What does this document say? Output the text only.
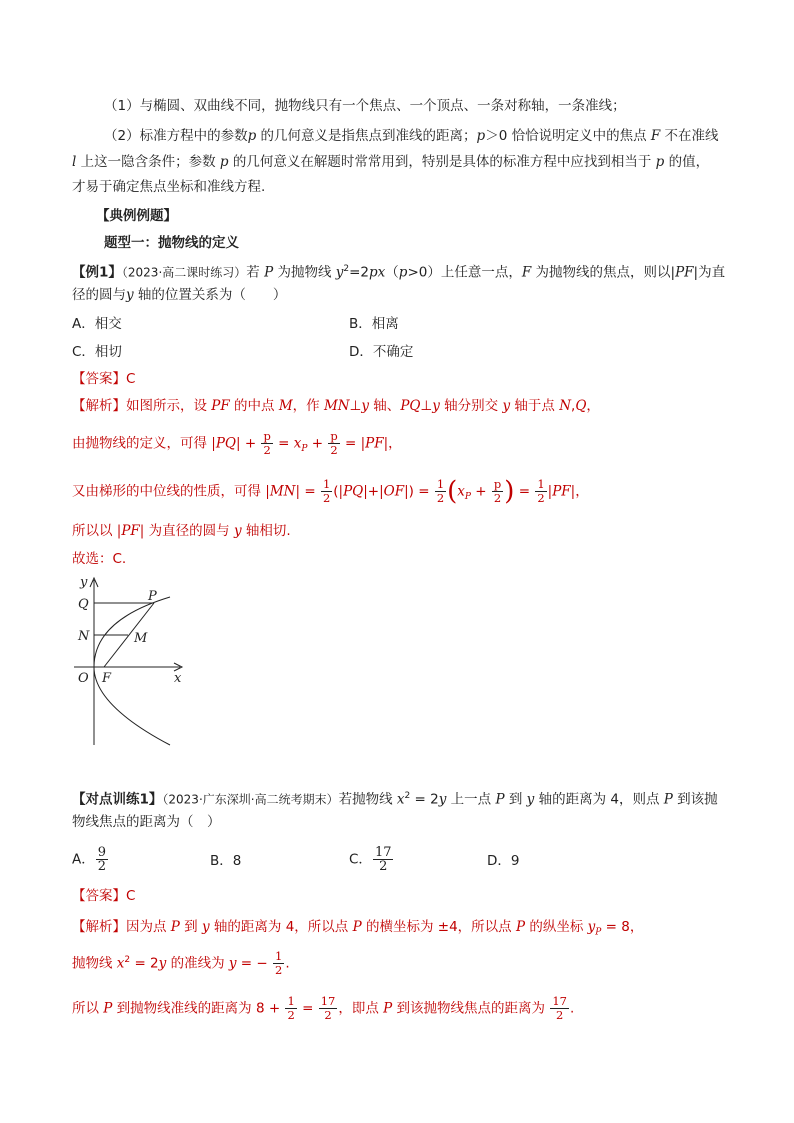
（1）与椭圆、双曲线不同，抛物线只有一个焦点、一个顶点、一条对称轴，一条准线；
（2）标准方程中的参数p 的几何意义是指焦点到准线的距离；p＞0 恰恰说明定义中的焦点 F 不在准线
l 上这一隐含条件；参数 p 的几何意义在解题时常常用到，特别是具体的标准方程中应找到相当于 p 的值，
才易于确定焦点坐标和准线方程.
【典例例题】
题型一：抛物线的定义
【例1】（2023·高二课时练习）若 P 为抛物线 $y^2=2px(p>0)$上任意一点，F 为抛物线的焦点，则以|PF|为直
径的圆与y 轴的位置关系为（　　）
A．相交	B．相离
C．相切	D．不确定
【答案】C
【解析】如图所示，设 PF 的中点 M，作 MN⊥y 轴、PQ⊥y 轴分别交 y 轴于点 N,Q，
由抛物线的定义，可得 $|PQ| + \frac{p}{2} = x_P + \frac{p}{2} = |PF|$，
又由梯形的中位线的性质，可得 $|MN| = \frac{1}{2} (|PQ|+|OF|) = \frac{1}{2} (x_P + \frac{p}{2}$ ) = $\frac{1}{2} |PF|$，
所以以 |PF| 为直径的圆与 y 轴相切.
故选：C.
y
Q
P
N	M
O F	x
【对点训练1】（2023·广东深圳·高二统考期末）若抛物线 $x^2 = 2y$ 上一点 P 到 y 轴的距离为 4，则点 P 到该抛
物线焦点的距离为（　）
A． $\frac{9}{2}$	B．8	C． $\frac{17}{2}$	D．9
【答案】C
【解析】因为点 P 到 y 轴的距离为 4，所以点 P 的横坐标为 ±4，所以点 P 的纵坐标 $y_P = 8$，
抛物线 $x^2 = 2y$ 的准线为 y = − $\frac{1}{2}$ .
所以 P 到抛物线准线的距离为 $8 + \frac{1}{2} = \frac{17}{2}$ ，即点 P 到该抛物线焦点的距离为 $\frac{17}{2}$ .
